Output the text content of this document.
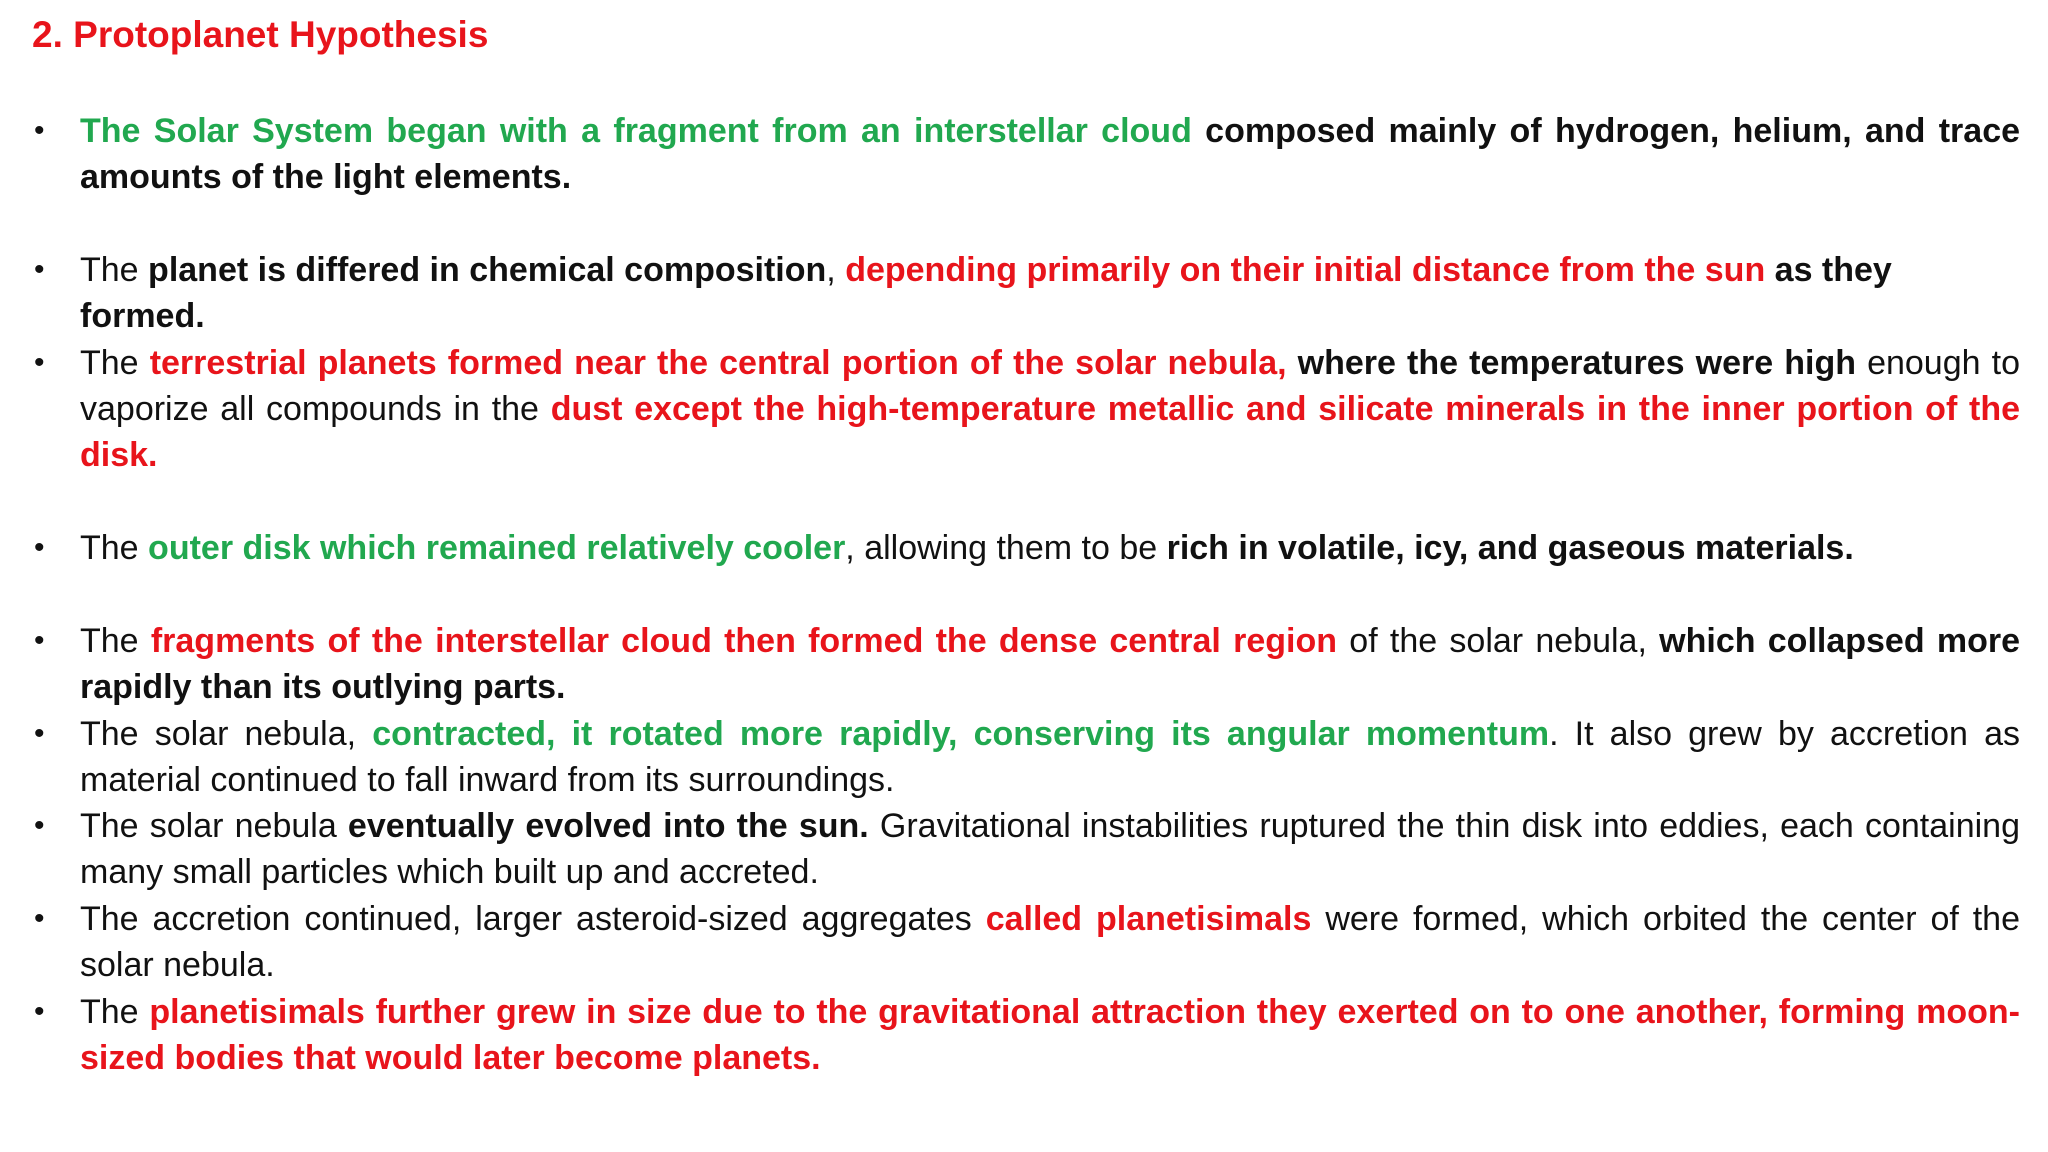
2. Protoplanet Hypothesis
• The Solar System began with a fragment from an interstellar cloud composed mainly of hydrogen, helium, and trace amounts of the light elements.
• The planet is differed in chemical composition, depending primarily on their initial distance from the sun as they formed.
• The terrestrial planets formed near the central portion of the solar nebula, where the temperatures were high enough to vaporize all compounds in the dust except the high-temperature metallic and silicate minerals in the inner portion of the disk.
• The outer disk which remained relatively cooler, allowing them to be rich in volatile, icy, and gaseous materials.
• The fragments of the interstellar cloud then formed the dense central region of the solar nebula, which collapsed more rapidly than its outlying parts.
• The solar nebula, contracted, it rotated more rapidly, conserving its angular momentum. It also grew by accretion as material continued to fall inward from its surroundings.
• The solar nebula eventually evolved into the sun. Gravitational instabilities ruptured the thin disk into eddies, each containing many small particles which built up and accreted.
• The accretion continued, larger asteroid-sized aggregates called planetisimals were formed, which orbited the center of the solar nebula.
• The planetisimals further grew in size due to the gravitational attraction they exerted on to one another, forming moon-sized bodies that would later become planets.
